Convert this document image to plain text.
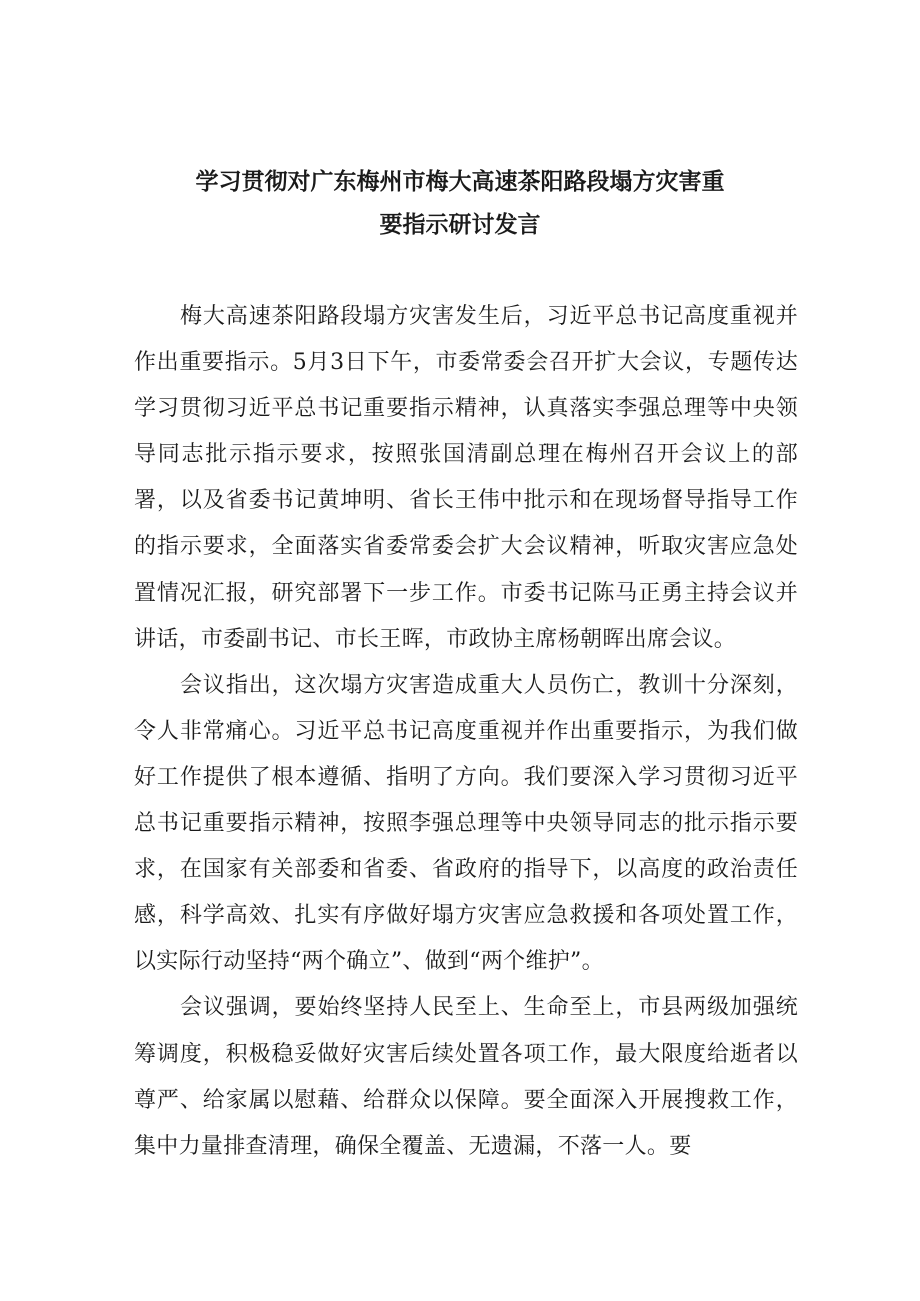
学习贯彻对广东梅州市梅大高速茶阳路段塌方灾害重
要指示研讨发言

梅大高速茶阳路段塌方灾害发生后，习近平总书记高度重视并作出重要指示。5月3日下午，市委常委会召开扩大会议，专题传达学习贯彻习近平总书记重要指示精神，认真落实李强总理等中央领导同志批示指示要求，按照张国清副总理在梅州召开会议上的部署，以及省委书记黄坤明、省长王伟中批示和在现场督导指导工作的指示要求，全面落实省委常委会扩大会议精神，听取灾害应急处置情况汇报，研究部署下一步工作。市委书记陈马正勇主持会议并讲话，市委副书记、市长王晖，市政协主席杨朝晖出席会议。

会议指出，这次塌方灾害造成重大人员伤亡，教训十分深刻，令人非常痛心。习近平总书记高度重视并作出重要指示，为我们做好工作提供了根本遵循、指明了方向。我们要深入学习贯彻习近平总书记重要指示精神，按照李强总理等中央领导同志的批示指示要求，在国家有关部委和省委、省政府的指导下，以高度的政治责任感，科学高效、扎实有序做好塌方灾害应急救援和各项处置工作，以实际行动坚持“两个确立”、做到“两个维护”。

会议强调，要始终坚持人民至上、生命至上，市县两级加强统筹调度，积极稳妥做好灾害后续处置各项工作，最大限度给逝者以尊严、给家属以慰藉、给群众以保障。要全面深入开展搜救工作，集中力量排查清理，确保全覆盖、无遗漏，不落一人。要
